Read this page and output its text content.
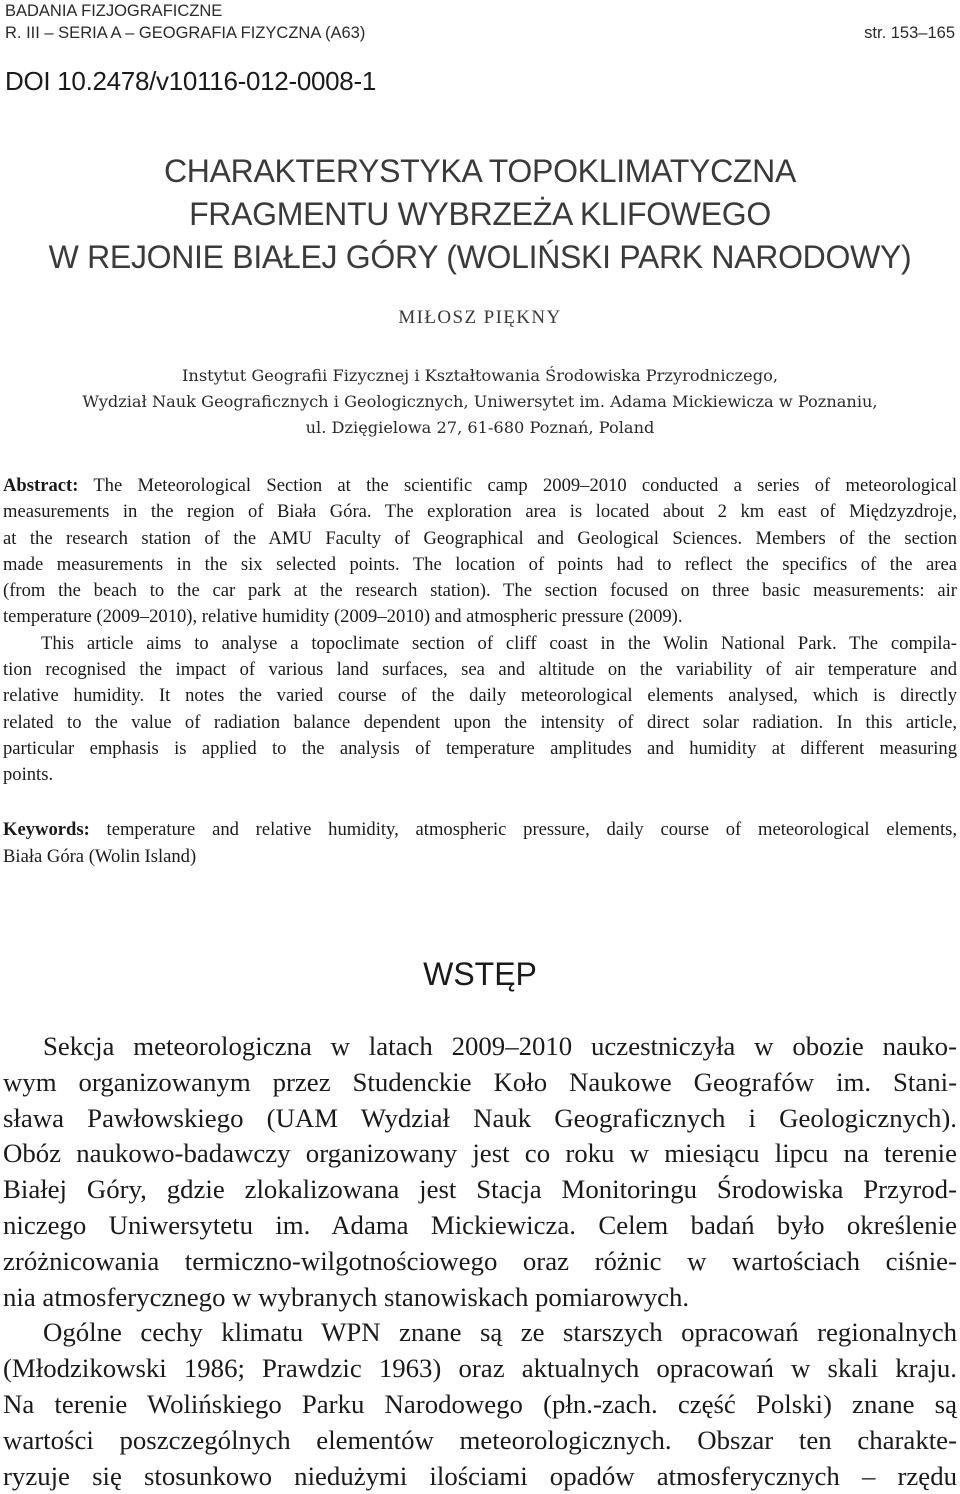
BADANIA FIZJOGRAFICZNE
R. III – SERIA A – GEOGRAFIA FIZYCZNA (A63)	str. 153–165
DOI 10.2478/v10116-012-0008-1
CHARAKTERYSTYKA TOPOKLIMATYCZNA
FRAGMENTU WYBRZEŻA KLIFOWEGO
W REJONIE BIAŁEJ GÓRY (WOLIŃSKI PARK NARODOWY)
MIŁOSZ PIĘKNY
Instytut Geografii Fizycznej i Kształtowania Środowiska Przyrodniczego,
Wydział Nauk Geograficznych i Geologicznych, Uniwersytet im. Adama Mickiewicza w Poznaniu,
ul. Dzięgielowa 27, 61-680 Poznań, Poland
Abstract: The Meteorological Section at the scientific camp 2009–2010 conducted a series of meteorological
measurements in the region of Biała Góra. The exploration area is located about 2 km east of Międzyzdroje,
at the research station of the AMU Faculty of Geographical and Geological Sciences. Members of the section
made measurements in the six selected points. The location of points had to reflect the specifics of the area
(from the beach to the car park at the research station). The section focused on three basic measurements: air
temperature (2009–2010), relative humidity (2009–2010) and atmospheric pressure (2009).
This article aims to analyse a topoclimate section of cliff coast in the Wolin National Park. The compila-
tion recognised the impact of various land surfaces, sea and altitude on the variability of air temperature and
relative humidity. It notes the varied course of the daily meteorological elements analysed, which is directly
related to the value of radiation balance dependent upon the intensity of direct solar radiation. In this article,
particular emphasis is applied to the analysis of temperature amplitudes and humidity at different measuring
points.
Keywords: temperature and relative humidity, atmospheric pressure, daily course of meteorological elements,
Biała Góra (Wolin Island)
WSTĘP
Sekcja meteorologiczna w latach 2009–2010 uczestniczyła w obozie nauko-
wym organizowanym przez Studenckie Koło Naukowe Geografów im. Stani-
sława Pawłowskiego (UAM Wydział Nauk Geograficznych i Geologicznych).
Obóz naukowo-badawczy organizowany jest co roku w miesiącu lipcu na terenie
Białej Góry, gdzie zlokalizowana jest Stacja Monitoringu Środowiska Przyrod-
niczego Uniwersytetu im. Adama Mickiewicza. Celem badań było określenie
zróżnicowania termiczno-wilgotnościowego oraz różnic w wartościach ciśnie-
nia atmosferycznego w wybranych stanowiskach pomiarowych.
Ogólne cechy klimatu WPN znane są ze starszych opracowań regionalnych
(Młodzikowski 1986; Prawdzic 1963) oraz aktualnych opracowań w skali kraju.
Na terenie Wolińskiego Parku Narodowego (płn.-zach. część Polski) znane są
wartości poszczególnych elementów meteorologicznych. Obszar ten charakte-
ryzuje się stosunkowo niedużymi ilościami opadów atmosferycznych – rzędu
